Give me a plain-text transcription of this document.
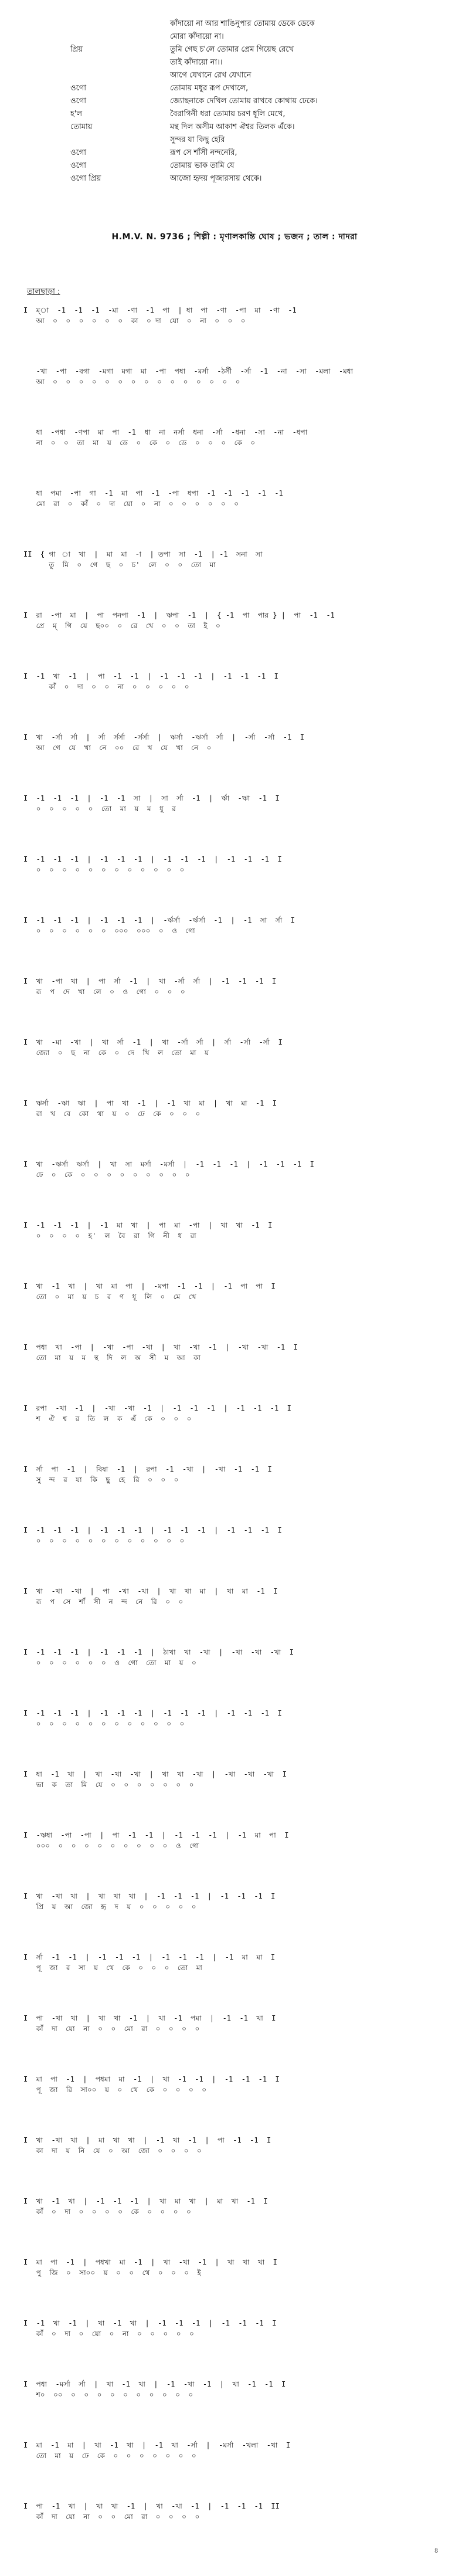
কাঁদায়ো না আর শাঙিনুপার তোমায় ডেকে ডেকে
মোরা কাঁদায়ো না।
প্রিয়	তুমি গেছ চ'লে তোমার প্রেম গিয়েছ রেখে
তাই কাঁদায়ো না।।
আগে যেখানে রেখ যেখানে
ওগো	তোমায় মধুর রূপ দেখালে,
ওগো	জ্যোছনাকে দেখিল তোমায় রাখবে কোথায় ঢেকে।
হ'ল	বৈরাগিনী ধরা তোমায় চরণ ধূলি মেখে,
তোমায়	মন্থ দিল অসীম আকাশ ঐশ্বর তিলক এঁকে।
সুন্দর যা কিছু হেরি
ওগো	রূপ সে শাঁসী নন্দনেরি,
ওগো	তোমায় ভাক তামি যে
ওগো প্রিয়	আজো হৃদয় পূজারসায় থেকে।
H.M.V. N. 9736 ; শিল্পী : মৃণালকান্তি ঘোষ ; ভজন ; তাল : দাদরা
তালছাড়া :
I  ম্া  -1  -1  -1  -মা  -ণা  -1  পা  | ধা  পা  -ণা  -পা  মা  -ণা  -1
আ  ০  ০  ০  ০  ০  ০  কা  ০ দা  যো  ০  না  ০  ০  ০
-খা  -পা  -বগা  -মগা  মগা  মা  -পা  পধা  -মর্সা  -ঠর্সী  -র্সা  -1  -না  -সা  -মলা  -মধা
আ  ০  ০  ০  ০  ০  ০  ০  ০  ০  ০  ০  ০  ০  ০  ০
ধা  -পধা  -ণপা  মা  পা  -1  ধা  না  নর্সা  ধনা  -র্সা  -ধনা  -সা  -না  -ধপা
না  ০  ০  তা  মা  য়  ডে  ০  কে  ০  ডে  ০  ০  ০  কে  ০
ধা  পমা  -পা  গা  -1  মা  পা  -1  -পা  ধপা  -1  -1  -1  -1  -1
মো  রা  ০  কাঁ  ০  দা  য়ো  ০  না  ০  ০  ০  ০  ০  ০
II  { গা  া  খা  |  মা  মা  -া  | তপা  সা  -1  | -1  সনা  সা
তু  মি  ০  গে  ছ  ০  চ'  লে  ০  ০  তো  মা
I  রা  -পা  মা  |  পা  পনপা  -1  |  ঋপা  -1  |  { -1  পা  পার } |  পা  -1  -1
প্রে  ম্  গি  য়ে  ছ০০  ০  রে  খে  ০  ০  তা  ই  ০
I  -1  খা  -1  |  পা  -1  -1  |  -1  -1  -1  |  -1  -1  -1  I
কাঁ  ০  দা  ০  ০  না  ০  ০  ০  ০  ০
I  খা  -র্সা  র্সা  |  র্সা  র্সর্সা  -র্সর্সা  |  ঋর্সা  -ঋর্সা  র্সা  |  -র্সা  -র্সা  -1  I
আ  গে  যে  খা  নে  ০০  রে  খ  যে  খা  নে  ০
I  -1  -1  -1  |  -1  -1  সা  |  সা  র্সা  -1  |  র্ঋা  -ঋা  -1  I
০  ০  ০  ০  ০  তো  মা  য়  ম  ধু  র
I  -1  -1  -1  |  -1  -1  -1  |  -1  -1  -1  |  -1  -1  -1  I
০  ০  ০  ০  ০  ০  ০  ০  ০  ০  ০  ০
I  -1  -1  -1  |  -1  -1  -1  |  -র্ঋর্সা  -র্ঋর্সা  -1  |  -1  সা  র্সা  I
০  ০  ০  ০  ০  ০  ০০০  ০০০  ০  ও  গো
I  খা  -পা  খা  |  পা  র্সা  -1  |  খা  -র্সা  র্সা  |  -1  -1  -1  I
রূ  প  দে  খা  লে  ০  ও  গো  ০  ০  ০
I  খা  -মা  -খা  |  খা  র্সা  -1  |  খা  -র্সা  র্সা  |  র্সা  -র্সা  -র্সা  I
জ্যো  ০  ছ  না  কে  ০  দে  খি  ল  তো  মা  য়
I  ঋর্সা  -ঋা  ঋা  |  পা  খা  -1  |  -1  খা  মা  |  খা  মা  -1  I
রা  খ  বে  কো  থা  য়  ০  ঢে  কে  ০  ০  ০
I  খা  -ঋর্সা  ঋর্সা  |  খা  সা  মর্সা  -মর্সা  |  -1  -1  -1  |  -1  -1  -1  I
ঢে  ০  কে  ০  ০  ০  ০  ০  ০  ০  ০  ০
I  -1  -1  -1  |  -1  মা  খা  |  পা  মা  -পা  |  খা  খা  -1  I
০  ০  ০  ০  হ'  ল  বৈ  রা  গি  নী  ধ  রা
I  খা  -1  খা  |  খা  মা  পা  |  -মপা  -1  -1  |  -1  পা  পা  I
তো  ০  মা  য়  চ  র  ণ  ধূ  লি  ০  মে  খে
I  পধা  খা  -পা  |  -খা  -পা  -খা  |  খা  -খা  -1  |  -খা  -খা  -1  I
তো  মা  য়  ম  ন্থ  দি  ল  অ  সী  ম  আ  কা
I  রপা  -খা  -1  |  -খা  -খা  -1  |  -1  -1  -1  |  -1  -1  -1  I
শ  ঐ  শ্ব  র  তি  ল  ক  এঁ  কে  ০  ০  ০
I  র্সা  পা  -1  |  বিষা  -1  |  রপা  -1  -খা  |  -খা  -1  -1  I
সু  ন্দ  র  যা  কি  ছু  হে  রি  ০  ০  ০
I  -1  -1  -1  |  -1  -1  -1  |  -1  -1  -1  |  -1  -1  -1  I
০  ০  ০  ০  ০  ০  ০  ০  ০  ০  ০  ০
I  খা  -খা  -খা  |  পা  -খা  -খা  |  খা  খা  মা  |  খা  মা  -1  I
রূ  প  সে  শাঁ  সী  ন  ন্দ  নে  রি  ০  ০
I  -1  -1  -1  |  -1  -1  -1  |  ঠাখা  খা  -খা  |  -খা  -খা  -খা  I
০  ০  ০  ০  ০  ০  ও  গো  তো  মা  য়  ০
I  -1  -1  -1  |  -1  -1  -1  |  -1  -1  -1  |  -1  -1  -1  I
০  ০  ০  ০  ০  ০  ০  ০  ০  ০  ০  ০
I  ধা  -1  খা  |  খা  -খা  -খা  |  খা  খা  -খা  |  -খা  -খা  -খা  I
ভা  ক  তা  মি  যে  ০  ০  ০  ০  ০  ০  ০
I  -ঋধা  -পা  -পা  |  পা  -1  -1  |  -1  -1  -1  |  -1  মা  পা  I
০০০  ০  ০  ০  ০  ০  ০  ০  ০  ০  ও  গো
I  খা  -খা  খা  |  খা  খা  খা  |  -1  -1  -1  |  -1  -1  -1  I
প্রি  য়  আ  জো  হৃ  দ  য়  ০  ০  ০  ০  ০
I  র্সা  -1  -1  |  -1  -1  -1  |  -1  -1  -1  |  -1  মা  মা  I
পূ  জা  র  সা  য়  থে  কে  ০  ০  ০  তো  মা
I  পা  -খা  খা  |  খা  খা  -1  |  খা  -1  পমা  |  -1  -1  খা  I
কাঁ  দা  য়ো  না  ০  ০  মো  রা  ০  ০  ০  ০
I  মা  পা  -1  |  পধমা  মা  -1  |  খা  -1  -1  |  -1  -1  -1  I
পূ  জা  রি  সা০০  য়  ০  থে  কে  ০  ০  ০  ০
I  খা  -খা  খা  |  মা  খা  খা  |  -1  খা  -1  |  পা  -1  -1  I
কা  দা  য়  নি  যে  ০  আ  জো  ০  ০  ০  ০
I  খা  -1  খা  |  -1  -1  -1  |  খা  মা  খা  |  মা  খা  -1  I
কাঁ  ০  দা  ০  ০  ০  ০  কে  ০  ০  ০  ০
I  মা  পা  -1  |  পধখা  মা  -1  |  খা  -খা  -1  |  খা  খা  খা  I
পু  জি  ০  সা০০  য়  ০  ০  থে  ০  ০  ০  ই
I  -1  খা  -1  |  খা  -1  খা  |  -1  -1  -1  |  -1  -1  -1  I
কাঁ  ০  দা  ০  য়ো  ০  না  ০  ০  ০  ০  ০
I  পধা  -মর্সা  র্সা  |  খা  -1  খা  |  -1  -খা  -1  |  খা  -1  -1  I
শ০  ০০  ০  ০  ০  ০  ০  ০  ০  ০  ০  ০
I  মা  -1  মা  |  খা  -1  খা  |  -1  খা  -র্সা  |  -মর্সা  -খলা  -খা  I
তো  মা  য়  ঢে  কে  ০  ০  ০  ০  ০  ০  ০
I  পা  -1  খা  |  খা  খা  -1  |  খা  -খা  -1  |  -1  -1  -1  II
কাঁ  দা  য়ো  না  ০  ০  মো  রা  ০  ০  ০  ০
৪
